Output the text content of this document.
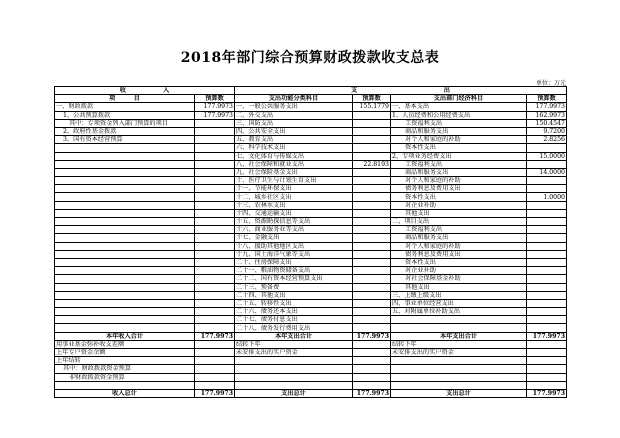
2018年部门综合预算财政拨款收支总表
单位：万元
收　　　　　　入		支　　　　　　　　　　　　　　出			
项　　　目	预算数	支出功能分类科目	预算数	支出部门经济科目	预算数
一、财政拨款	177.9973	一、一般公共服务支出	155.1779	一、基本支出	177.9973
1、公共预算拨款	177.9973	二、外交支出		1、人员经费和公用经费支出	162.9973
其中：专项资金列入部门预算的项目		三、国防支出		工资福利支出	150.4547
2、政府性基金拨款		四、公共安全支出		商品和服务支出	9.7200
3、国有资本经营预算		五、教育支出		对个人和家庭的补助	2.8256
		六、科学技术支出		资本性支出	
		七、文化体育与传媒支出		2、专项业务经费支出	15.0000
		八、社会保障和就业支出	22.8193	工资福利支出	
		九、社会保险基金支出		商品和服务支出	14.0000
		十、医疗卫生与计划生育支出		对个人和家庭的补助	
		十一、节能环保支出		债务利息及费用支出	
		十二、城乡社区支出		资本性支出	1.0000
		十三、农林水支出		对企业补助	
		十四、交通运输支出		其他支出	
		十五、资源勘探信息等支出		二、项目支出	
		十六、商业服务业等支出		工资福利支出	
		十七、金融支出		商品和服务支出	
		十八、援助其他地区支出		对个人和家庭的补助	
		十九、国土海洋气象等支出		债务利息及费用支出	
		二十、住房保障支出		资本性支出	
		二十一、粮油物资储备支出		对企业补助	
		二十二、国有资本经营预算支出		对社会保障基金补助	
		二十三、预备费		其他支出	
		二十四、其他支出		三、上缴上级支出	
		二十五、转移性支出		四、事业单位经营支出	
		二十六、债务还本支出		五、对附属单位补助支出	
		二十七、债务付息支出			
		二十八、债务发行费用支出			
本年收入合计	177.9973	本年支出合计	177.9973	本年支出合计	177.9973
用事业基金弥补收支差额		结转下年		结转下年	
上年专户资金余额		未安排支出的实户资金		未安排支出的实户资金	
上年结转					
其中：财政拨款资金预算					
非财政拨款资金预算					

收入总计	177.9973	支出总计	177.9973	支出总计	177.9973
